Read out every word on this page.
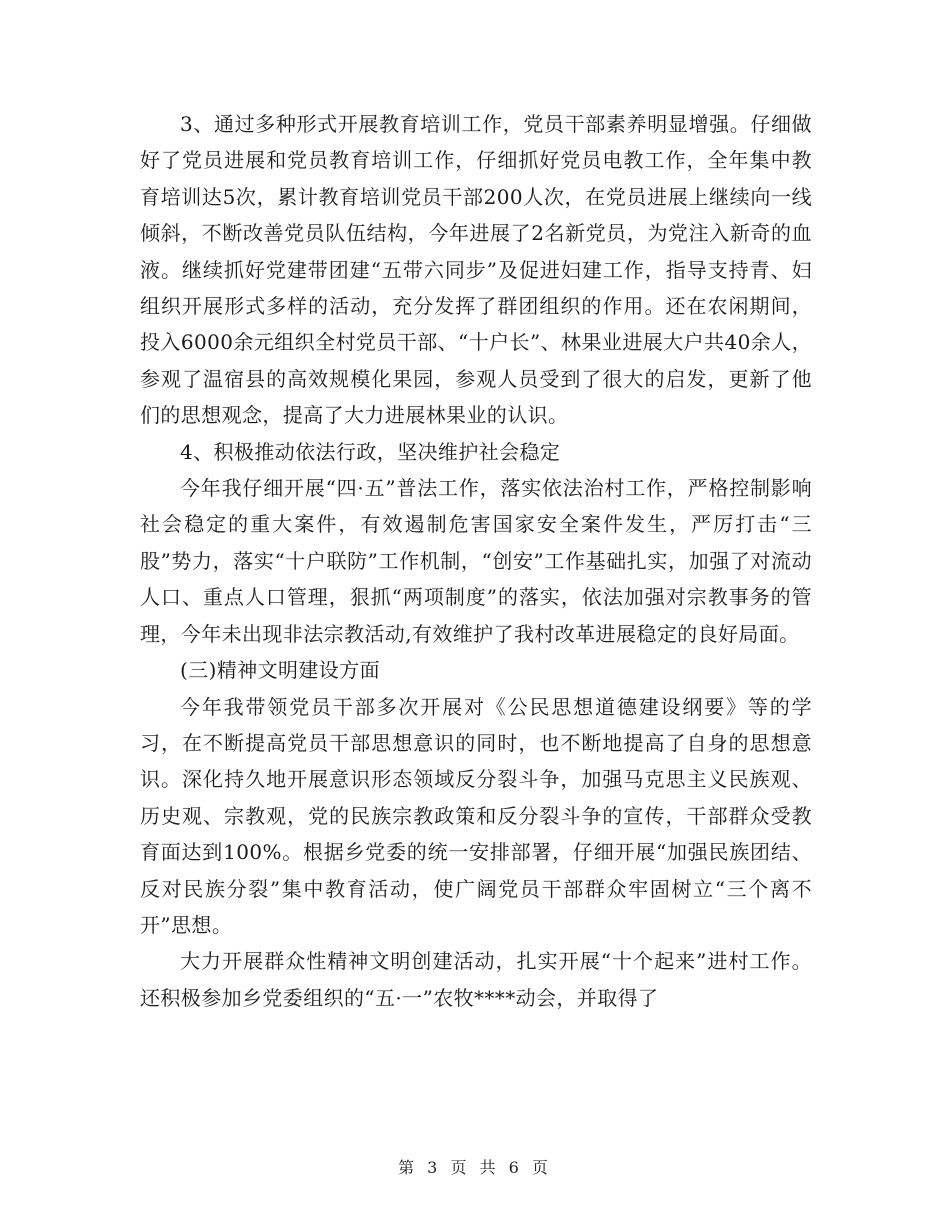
3、通过多种形式开展教育培训工作，党员干部素养明显增强。仔细做好了党员进展和党员教育培训工作，仔细抓好党员电教工作，全年集中教育培训达5次，累计教育培训党员干部200人次，在党员进展上继续向一线倾斜，不断改善党员队伍结构，今年进展了2名新党员，为党注入新奇的血液。继续抓好党建带团建“五带六同步”及促进妇建工作，指导支持青、妇组织开展形式多样的活动，充分发挥了群团组织的作用。还在农闲期间，投入6000余元组织全村党员干部、“十户长”、林果业进展大户共40余人，参观了温宿县的高效规模化果园，参观人员受到了很大的启发，更新了他们的思想观念，提高了大力进展林果业的认识。

4、积极推动依法行政，坚决维护社会稳定

今年我仔细开展“四·五”普法工作，落实依法治村工作，严格控制影响社会稳定的重大案件，有效遏制危害国家安全案件发生，严厉打击“三股”势力，落实“十户联防”工作机制，“创安”工作基础扎实，加强了对流动人口、重点人口管理，狠抓“两项制度”的落实，依法加强对宗教事务的管理，今年未出现非法宗教活动,有效维护了我村改革进展稳定的良好局面。

(三)精神文明建设方面

今年我带领党员干部多次开展对《公民思想道德建设纲要》等的学习，在不断提高党员干部思想意识的同时，也不断地提高了自身的思想意识。深化持久地开展意识形态领域反分裂斗争，加强马克思主义民族观、历史观、宗教观，党的民族宗教政策和反分裂斗争的宣传，干部群众受教育面达到100%。根据乡党委的统一安排部署，仔细开展“加强民族团结、反对民族分裂”集中教育活动，使广阔党员干部群众牢固树立“三个离不开”思想。

大力开展群众性精神文明创建活动，扎实开展“十个起来”进村工作。还积极参加乡党委组织的“五·一”农牧****动会，并取得了

第 3 页 共 6 页
